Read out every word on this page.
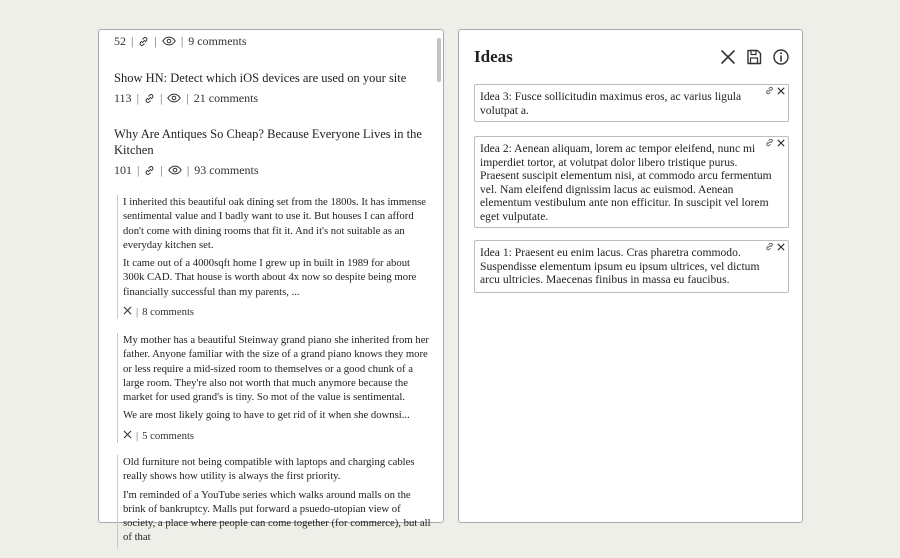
52 | | | 9 comments
Show HN: Detect which iOS devices are used on your site
113 | | | 21 comments
Why Are Antiques So Cheap? Because Everyone Lives in the Kitchen
101 | | | 93 comments

I inherited this beautiful oak dining set from the 1800s. It has immense sentimental value and I badly want to use it. But houses I can afford don't come with dining rooms that fit it. And it's not suitable as an everyday kitchen set.

It came out of a 4000sqft home I grew up in built in 1989 for about 300k CAD. That house is worth about 4x now so despite being more financially successful than my parents, ...

| 8 comments

My mother has a beautiful Steinway grand piano she inherited from her father. Anyone familiar with the size of a grand piano knows they more or less require a mid-sized room to themselves or a good chunk of a large room. They're also not worth that much anymore because the market for used grand's is tiny. So mot of the value is sentimental.

We are most likely going to have to get rid of it when she downsi...

| 5 comments

Old furniture not being compatible with laptops and charging cables really shows how utility is always the first priority.

I'm reminded of a YouTube series which walks around malls on the brink of bankruptcy. Malls put forward a psuedo-utopian view of society, a place where people can come together (for commerce), but all of that

Ideas
Idea 3: Fusce sollicitudin maximus eros, ac varius ligula volutpat a.
Idea 2: Aenean aliquam, lorem ac tempor eleifend, nunc mi imperdiet tortor, at volutpat dolor libero tristique purus. Praesent suscipit elementum nisi, at commodo arcu fermentum vel. Nam eleifend dignissim lacus ac euismod. Aenean elementum vestibulum ante non efficitur. In suscipit vel lorem eget vulputate.
Idea 1: Praesent eu enim lacus. Cras pharetra commodo. Suspendisse elementum ipsum eu ipsum ultrices, vel dictum arcu ultricies. Maecenas finibus in massa eu faucibus.
